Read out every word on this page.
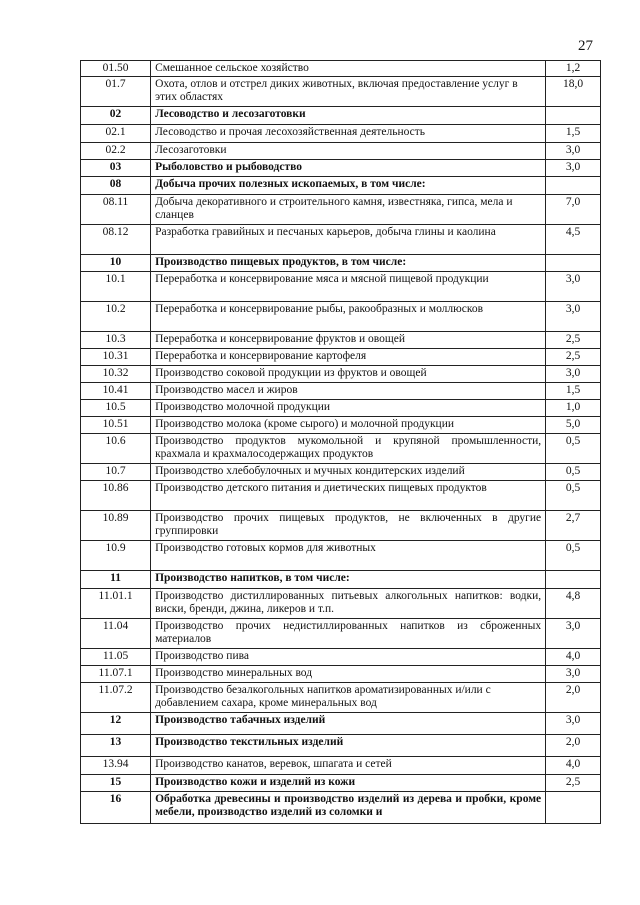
27
01.50	Смешанное сельское хозяйство	1,2
01.7	Охота, отлов и отстрел диких животных, включая предоставление услуг в этих областях	18,0
02	Лесоводство и лесозаготовки	
02.1	Лесоводство и прочая лесохозяйственная деятельность	1,5
02.2	Лесозаготовки	3,0
03	Рыболовство и рыбоводство	3,0
08	Добыча прочих полезных ископаемых, в том числе:	
08.11	Добыча декоративного и строительного камня, известняка, гипса, мела и сланцев	7,0
08.12	Разработка гравийных и песчаных карьеров, добыча глины и каолина	4,5
10	Производство пищевых продуктов, в том числе:	
10.1	Переработка и консервирование мяса и мясной пищевой продукции	3,0
10.2	Переработка и консервирование рыбы, ракообразных и моллюсков	3,0
10.3	Переработка и консервирование фруктов и овощей	2,5
10.31	Переработка и консервирование картофеля	2,5
10.32	Производство соковой продукции из фруктов и овощей	3,0
10.41	Производство масел и жиров	1,5
10.5	Производство молочной продукции	1,0
10.51	Производство молока (кроме сырого) и молочной продукции	5,0
10.6	Производство продуктов мукомольной и крупяной промышленности, крахмала и крахмалосодержащих продуктов	0,5
10.7	Производство хлебобулочных и мучных кондитерских изделий	0,5
10.86	Производство детского питания и диетических пищевых продуктов	0,5
10.89	Производство прочих пищевых продуктов, не включенных в другие группировки	2,7
10.9	Производство готовых кормов для животных	0,5
11	Производство напитков, в том числе:	
11.01.1	Производство дистиллированных питьевых алкогольных напитков: водки, виски, бренди, джина, ликеров и т.п.	4,8
11.04	Производство прочих недистиллированных напитков из сброженных материалов	3,0
11.05	Производство пива	4,0
11.07.1	Производство минеральных вод	3,0
11.07.2	Производство безалкогольных напитков ароматизированных и/или с добавлением сахара, кроме минеральных вод	2,0
12	Производство табачных изделий	3,0
13	Производство текстильных изделий	2,0
13.94	Производство канатов, веревок, шпагата и сетей	4,0
15	Производство кожи и изделий из кожи	2,5
16	Обработка древесины и производство изделий из дерева и пробки, кроме мебели, производство изделий из соломки и	
